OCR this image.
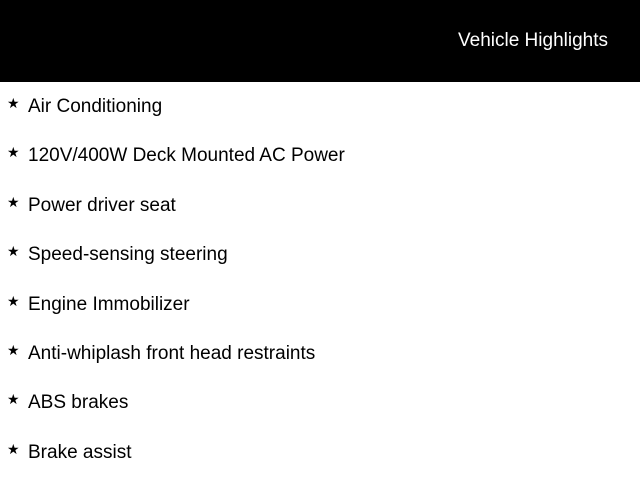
Vehicle Highlights
★ Air Conditioning
★ 120V/400W Deck Mounted AC Power
★ Power driver seat
★ Speed-sensing steering
★ Engine Immobilizer
★ Anti-whiplash front head restraints
★ ABS brakes
★ Brake assist
